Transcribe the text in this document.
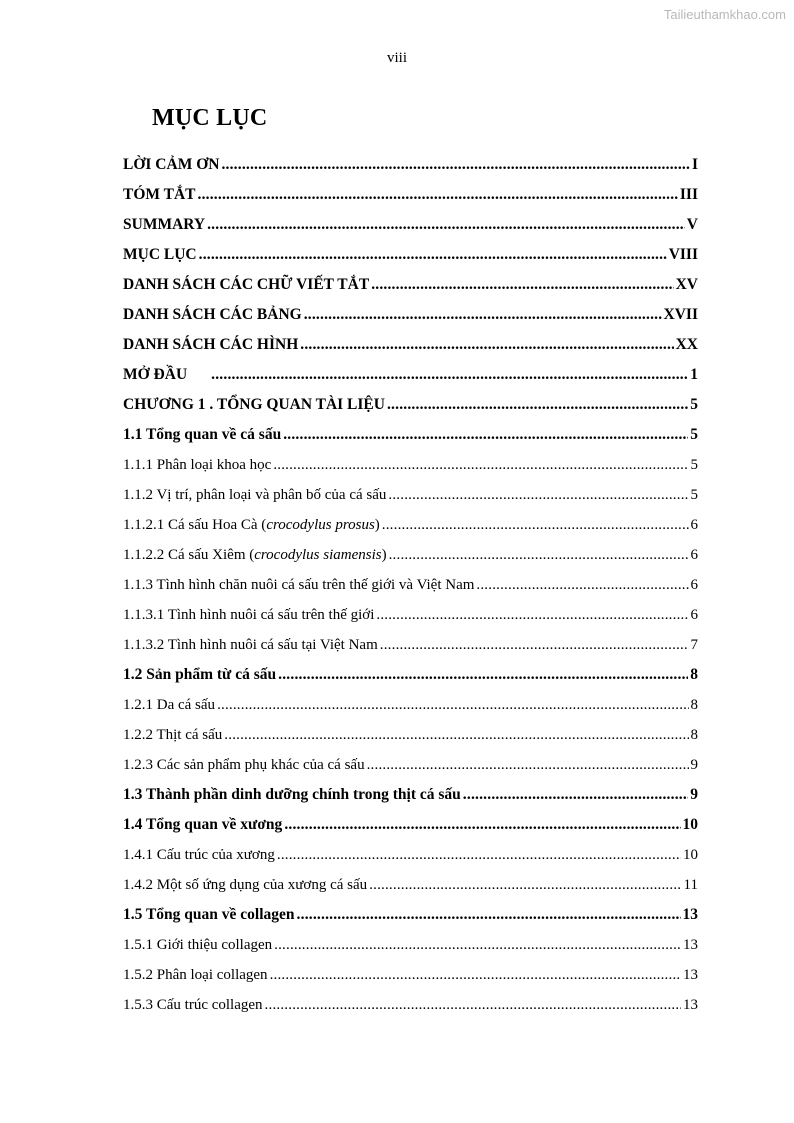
Tailieuthamkhao.com
viii
MỤC LỤC
LỜI CẢM ƠN .....	I
TÓM TẮT .....	III
SUMMARY .....	V
MỤC LỤC .....	VIII
DANH SÁCH CÁC CHỮ VIẾT TẮT .....	XV
DANH SÁCH CÁC BẢNG .....	XVII
DANH SÁCH CÁC HÌNH .....	XX
MỞ ĐẦU .....	1
CHƯƠNG 1 . TỔNG QUAN TÀI LIỆU .....	5
1.1 Tổng quan về cá sấu .....	5
1.1.1 Phân loại khoa học .....	5
1.1.2 Vị trí, phân loại và phân bố của cá sấu .....	5
1.1.2.1 Cá sấu Hoa Cà (crocodylus prosus) .....	6
1.1.2.2 Cá sấu Xiêm (crocodylus siamensis) .....	6
1.1.3 Tình hình chăn nuôi cá sấu trên thế giới và Việt Nam .....	6
1.1.3.1 Tình hình nuôi cá sấu trên thế giới .....	6
1.1.3.2 Tình hình nuôi cá sấu tại Việt Nam .....	7
1.2 Sản phẩm từ cá sấu .....	8
1.2.1 Da cá sấu .....	8
1.2.2 Thịt cá sấu .....	8
1.2.3 Các sản phẩm phụ khác của cá sấu .....	9
1.3 Thành phần dinh dưỡng chính trong thịt cá sấu .....	9
1.4 Tổng quan về xương .....	10
1.4.1 Cấu trúc của xương .....	10
1.4.2 Một số ứng dụng của xương cá sấu .....	11
1.5 Tổng quan về collagen .....	13
1.5.1 Giới thiệu collagen .....	13
1.5.2 Phân loại collagen .....	13
1.5.3 Cấu trúc collagen .....	13
